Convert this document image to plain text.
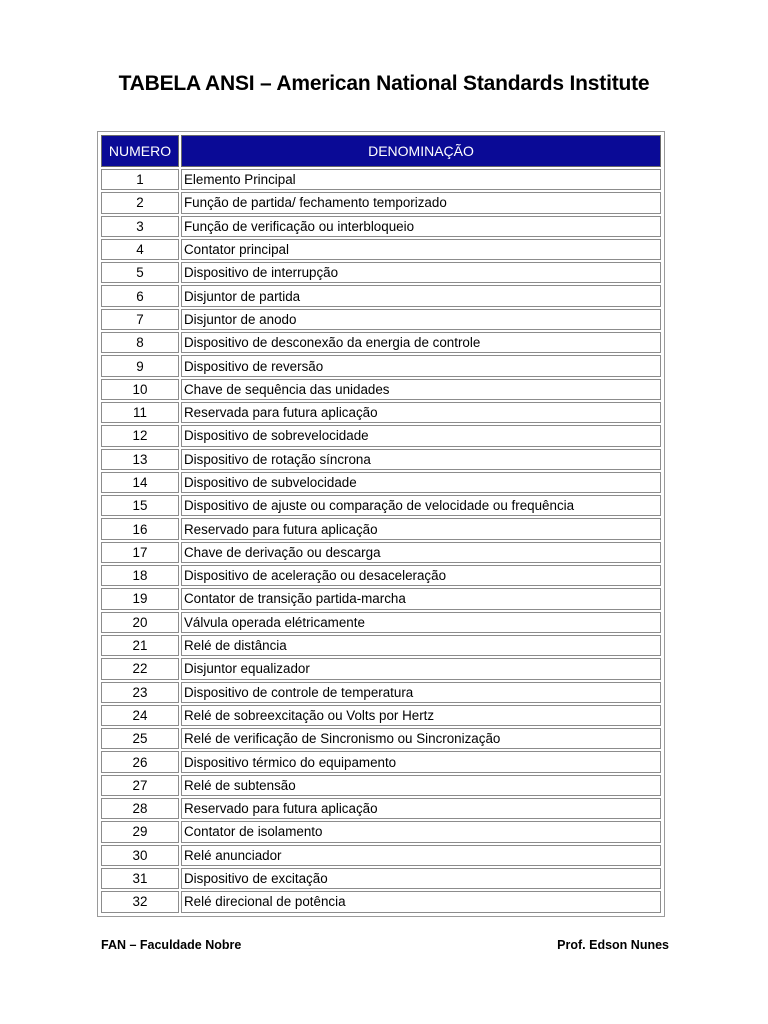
TABELA ANSI – American National Standards Institute
NUMERO	DENOMINAÇÃO
1	Elemento Principal
2	Função de partida/ fechamento temporizado
3	Função de verificação ou interbloqueio
4	Contator principal
5	Dispositivo de interrupção
6	Disjuntor de partida
7	Disjuntor de anodo
8	Dispositivo de desconexão da energia de controle
9	Dispositivo de reversão
10	Chave de sequência das unidades
11	Reservada para futura aplicação
12	Dispositivo de sobrevelocidade
13	Dispositivo de rotação síncrona
14	Dispositivo de subvelocidade
15	Dispositivo de ajuste ou comparação de velocidade ou frequência
16	Reservado para futura aplicação
17	Chave de derivação ou descarga
18	Dispositivo de aceleração ou desaceleração
19	Contator de transição partida-marcha
20	Válvula operada elétricamente
21	Relé de distância
22	Disjuntor equalizador
23	Dispositivo de controle de temperatura
24	Relé de sobreexcitação ou Volts por Hertz
25	Relé de verificação de Sincronismo ou Sincronização
26	Dispositivo térmico do equipamento
27	Relé de subtensão
28	Reservado para futura aplicação
29	Contator de isolamento
30	Relé anunciador
31	Dispositivo de excitação
32	Relé direcional de potência
FAN – Faculdade Nobre	Prof. Edson Nunes
